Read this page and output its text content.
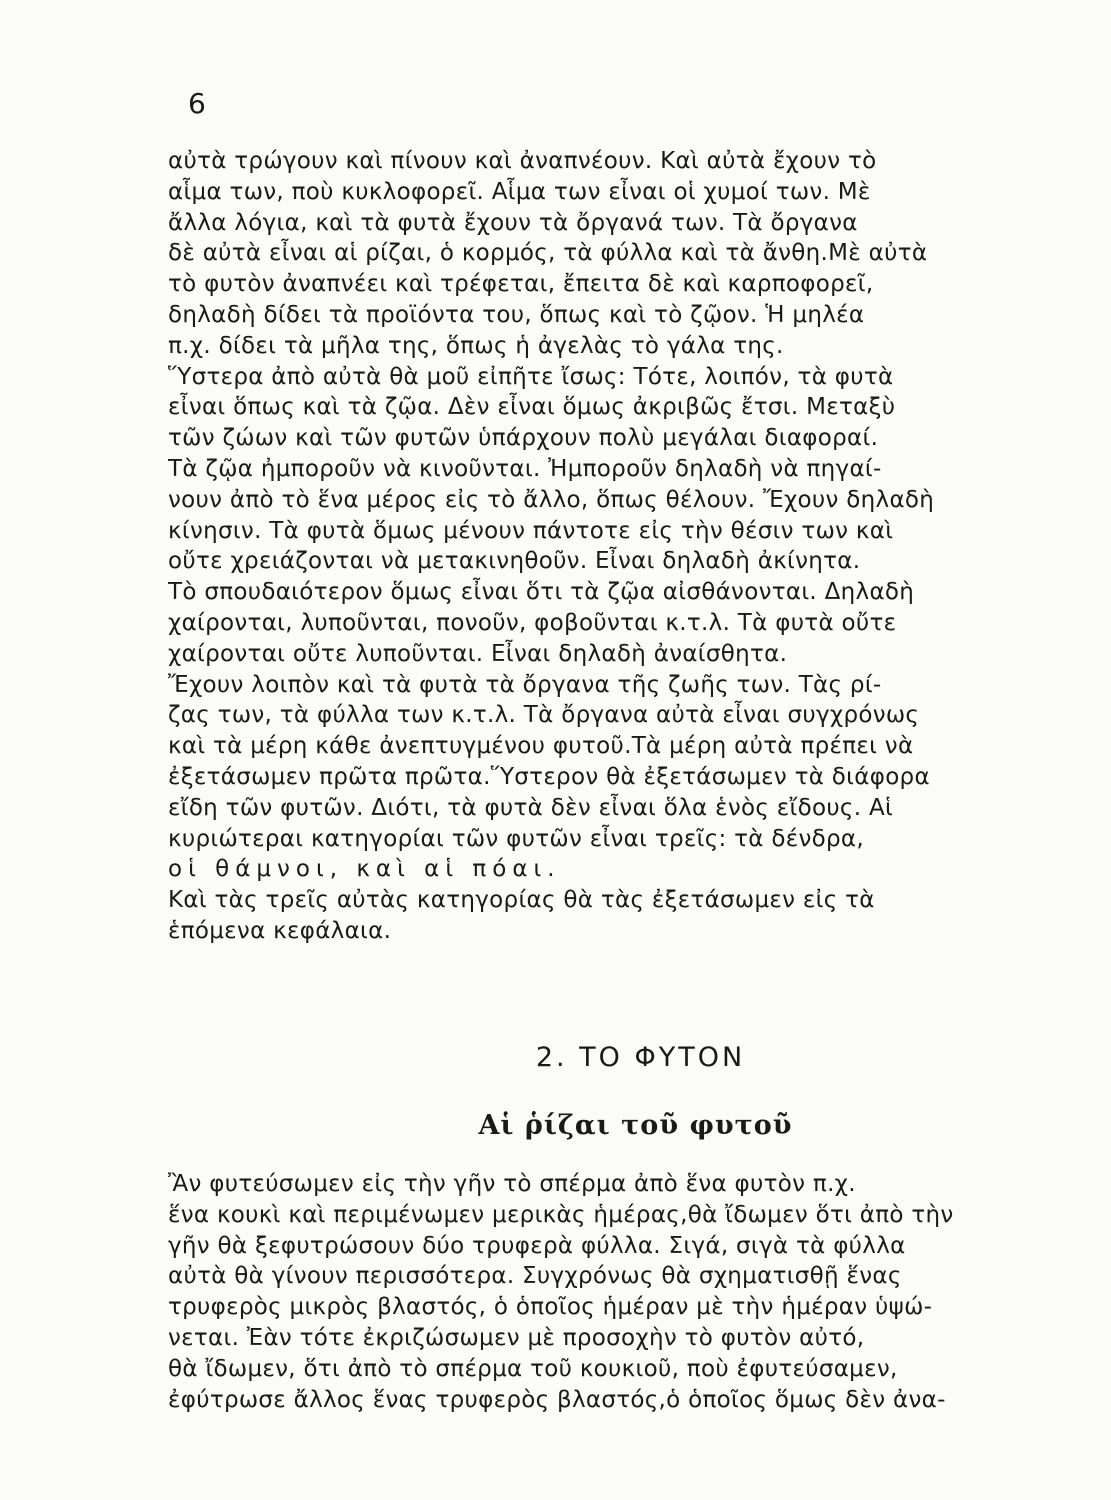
6
αὐτὰ τρώγουν καὶ πίνουν καὶ ἀναπνέουν. Καὶ αὐτὰ ἔχουν τὸ
αἷμα των, ποὺ κυκλοφορεῖ. Αἷμα των εἶναι οἱ χυμοί των. Μὲ
ἄλλα λόγια, καὶ τὰ φυτὰ ἔχουν τὰ ὄργανά των. Τὰ ὄργανα
δὲ αὐτὰ εἶναι αἱ ρίζαι, ὁ κορμός, τὰ φύλλα καὶ τὰ ἄνθη.Μὲ αὐτὰ
τὸ φυτὸν ἀναπνέει καὶ τρέφεται, ἔπειτα δὲ καὶ καρποφορεῖ,
δηλαδὴ δίδει τὰ προϊόντα του, ὅπως καὶ τὸ ζῷον. Ἡ μηλέα
π.χ. δίδει τὰ μῆλα της, ὅπως ἡ ἀγελὰς τὸ γάλα της.
Ὕστερα ἀπὸ αὐτὰ θὰ μοῦ εἰπῆτε ἴσως: Τότε, λοιπόν, τὰ φυτὰ
εἶναι ὅπως καὶ τὰ ζῷα. Δὲν εἶναι ὅμως ἀκριβῶς ἔτσι. Μεταξὺ
τῶν ζώων καὶ τῶν φυτῶν ὑπάρχουν πολὺ μεγάλαι διαφοραί.
Τὰ ζῷα ἠμποροῦν νὰ κινοῦνται. Ἠμποροῦν δηλαδὴ νὰ πηγαί-
νουν ἀπὸ τὸ ἕνα μέρος εἰς τὸ ἄλλο, ὅπως θέλουν. Ἔχουν δηλαδὴ
κίνησιν. Τὰ φυτὰ ὅμως μένουν πάντοτε εἰς τὴν θέσιν των καὶ
οὔτε χρειάζονται νὰ μετακινηθοῦν. Εἶναι δηλαδὴ ἀκίνητα.
Τὸ σπουδαιότερον ὅμως εἶναι ὅτι τὰ ζῷα αἰσθάνονται. Δηλαδὴ
χαίρονται, λυποῦνται, πονοῦν, φοβοῦνται κ.τ.λ. Τὰ φυτὰ οὔτε
χαίρονται οὔτε λυποῦνται. Εἶναι δηλαδὴ ἀναίσθητα.
Ἔχουν λοιπὸν καὶ τὰ φυτὰ τὰ ὄργανα τῆς ζωῆς των. Τὰς ρί-
ζας των, τὰ φύλλα των κ.τ.λ. Τὰ ὄργανα αὐτὰ εἶναι συγχρόνως
καὶ τὰ μέρη κάθε ἀνεπτυγμένου φυτοῦ.Τὰ μέρη αὐτὰ πρέπει νὰ
ἐξετάσωμεν πρῶτα πρῶτα.Ὕστερον θὰ ἐξετάσωμεν τὰ διάφορα
εἴδη τῶν φυτῶν. Διότι, τὰ φυτὰ δὲν εἶναι ὅλα ἑνὸς εἴδους. Αἱ
κυριώτεραι κατηγορίαι τῶν φυτῶν εἶναι τρεῖς: τὰ δένδρα,
οἱ θάμνοι, καὶ αἱ πόαι.
Καὶ τὰς τρεῖς αὐτὰς κατηγορίας θὰ τὰς ἐξετάσωμεν εἰς τὰ
ἑπόμενα κεφάλαια.
2. ΤΟ ΦΥΤΟΝ
Αἱ ῥίζαι τοῦ φυτοῦ
Ἂν φυτεύσωμεν εἰς τὴν γῆν τὸ σπέρμα ἀπὸ ἕνα φυτὸν π.χ.
ἕνα κουκὶ καὶ περιμένωμεν μερικὰς ἡμέρας,θὰ ἴδωμεν ὅτι ἀπὸ τὴν
γῆν θὰ ξεφυτρώσουν δύο τρυφερὰ φύλλα. Σιγά, σιγὰ τὰ φύλλα
αὐτὰ θὰ γίνουν περισσότερα. Συγχρόνως θὰ σχηματισθῇ ἕνας
τρυφερὸς μικρὸς βλαστός, ὁ ὁποῖος ἡμέραν μὲ τὴν ἡμέραν ὑψώ-
νεται. Ἐὰν τότε ἐκριζώσωμεν μὲ προσοχὴν τὸ φυτὸν αὐτό,
θὰ ἴδωμεν, ὅτι ἀπὸ τὸ σπέρμα τοῦ κουκιοῦ, ποὺ ἐφυτεύσαμεν,
ἐφύτρωσε ἄλλος ἕνας τρυφερὸς βλαστός,ὁ ὁποῖος ὅμως δὲν ἀνα-
